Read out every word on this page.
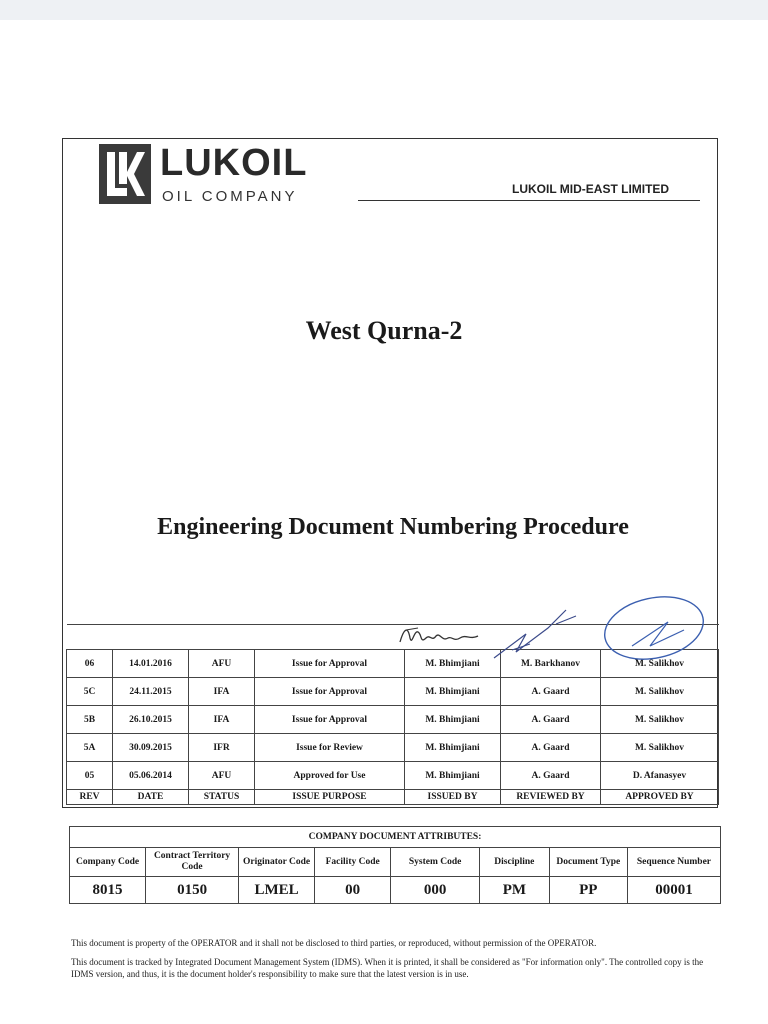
LUKOIL
OIL COMPANY	LUKOIL MID-EAST LIMITED
West Qurna-2
Engineering Document Numbering Procedure

06	14.01.2016	AFU	Issue for Approval	M. Bhimjiani	M. Barkhanov	M. Salikhov
5C	24.11.2015	IFA	Issue for Approval	M. Bhimjiani	A. Gaard	M. Salikhov
5B	26.10.2015	IFA	Issue for Approval	M. Bhimjiani	A. Gaard	M. Salikhov
5A	30.09.2015	IFR	Issue for Review	M. Bhimjiani	A. Gaard	M. Salikhov
05	05.06.2014	AFU	Approved for Use	M. Bhimjiani	A. Gaard	D. Afanasyev
REV	DATE	STATUS	ISSUE PURPOSE	ISSUED BY	REVIEWED BY	APPROVED BY
COMPANY DOCUMENT ATTRIBUTES:							
Company Code	Contract Territory Code	Originator Code	Facility Code	System Code	Discipline	Document Type	Sequence Number
8015	0150	LMEL	00	000	PM	PP	00001
This document is property of the OPERATOR and it shall not be disclosed to third parties, or reproduced, without permission of the OPERATOR.
This document is tracked by Integrated Document Management System (IDMS). When it is printed, it shall be considered as "For information only". The controlled copy is the IDMS version, and thus, it is the document holder's responsibility to make sure that the latest version is in use.
